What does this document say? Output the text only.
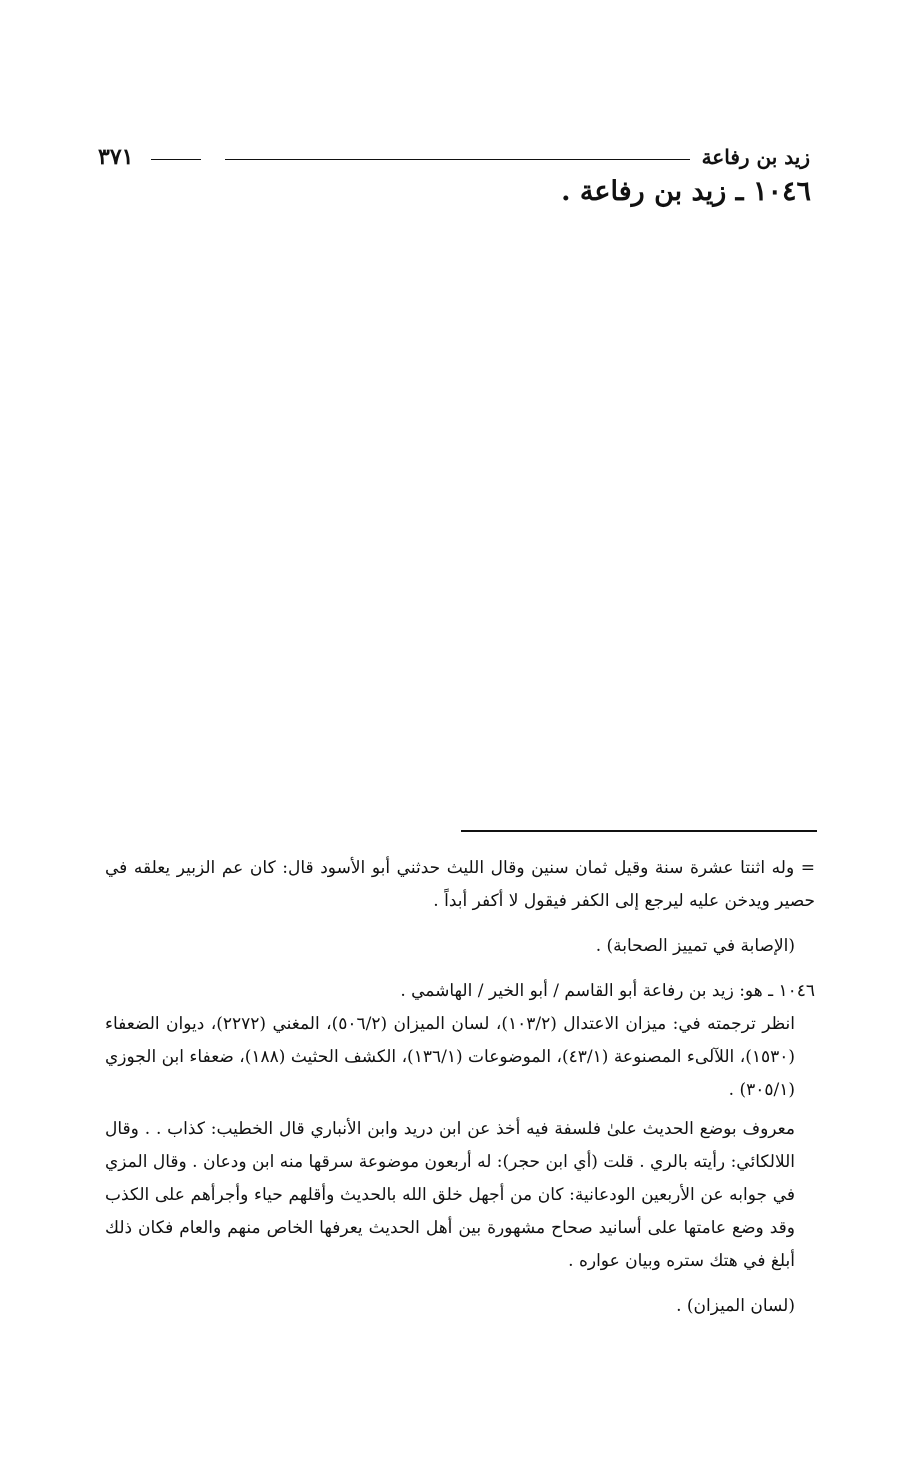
زيد بن رفاعة
٣٧١
١٠٤٦ ـ زيد بن رفاعة .

= وله اثنتا عشرة سنة وقيل ثمان سنين وقال الليث حدثني أبو الأسود قال: كان عم الزبير يعلقه في حصير ويدخن عليه ليرجع إلى الكفر فيقول لا أكفر أبداً .

(الإصابة في تمييز الصحابة) .

١٠٤٦ ـ هو: زيد بن رفاعة أبو القاسم / أبو الخير / الهاشمي .

انظر ترجمته في: ميزان الاعتدال (١٠٣/٢)، لسان الميزان (٥٠٦/٢)، المغني (٢٢٧٢)، ديوان الضعفاء (١٥٣٠)، اللآلىء المصنوعة (٤٣/١)، الموضوعات (١٣٦/١)، الكشف الحثيث (١٨٨)، ضعفاء ابن الجوزي (٣٠٥/١) .

معروف بوضع الحديث علىٰ فلسفة فيه أخذ عن ابن دريد وابن الأنباري قال الخطيب: كذاب . . وقال اللالكائي: رأيته بالري . قلت (أي ابن حجر): له أربعون موضوعة سرقها منه ابن ودعان . وقال المزي في جوابه عن الأربعين الودعانية: كان من أجهل خلق الله بالحديث وأقلهم حياء وأجرأهم على الكذب وقد وضع عامتها على أسانيد صحاح مشهورة بين أهل الحديث يعرفها الخاص منهم والعام فكان ذلك أبلغ في هتك ستره وبيان عواره .

(لسان الميزان) .
